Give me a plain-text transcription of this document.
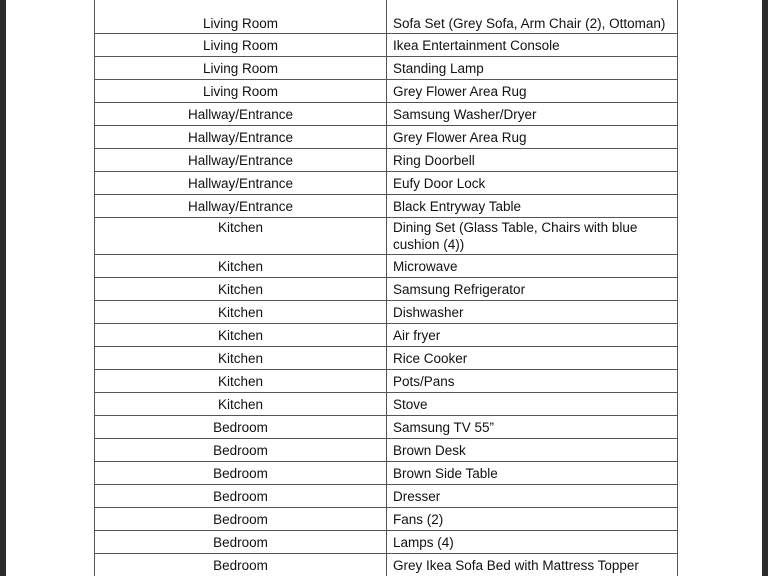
Living Room	Sofa Set (Grey Sofa, Arm Chair (2), Ottoman)
Living Room	Ikea Entertainment Console
Living Room	Standing Lamp
Living Room	Grey Flower Area Rug
Hallway/Entrance	Samsung Washer/Dryer
Hallway/Entrance	Grey Flower Area Rug
Hallway/Entrance	Ring Doorbell
Hallway/Entrance	Eufy Door Lock
Hallway/Entrance	Black Entryway Table
Kitchen	Dining Set (Glass Table, Chairs with blue cushion (4))
Kitchen	Microwave
Kitchen	Samsung Refrigerator
Kitchen	Dishwasher
Kitchen	Air fryer
Kitchen	Rice Cooker
Kitchen	Pots/Pans
Kitchen	Stove
Bedroom	Samsung TV 55”
Bedroom	Brown Desk
Bedroom	Brown Side Table
Bedroom	Dresser
Bedroom	Fans (2)
Bedroom	Lamps (4)
Bedroom	Grey Ikea Sofa Bed with Mattress Topper
